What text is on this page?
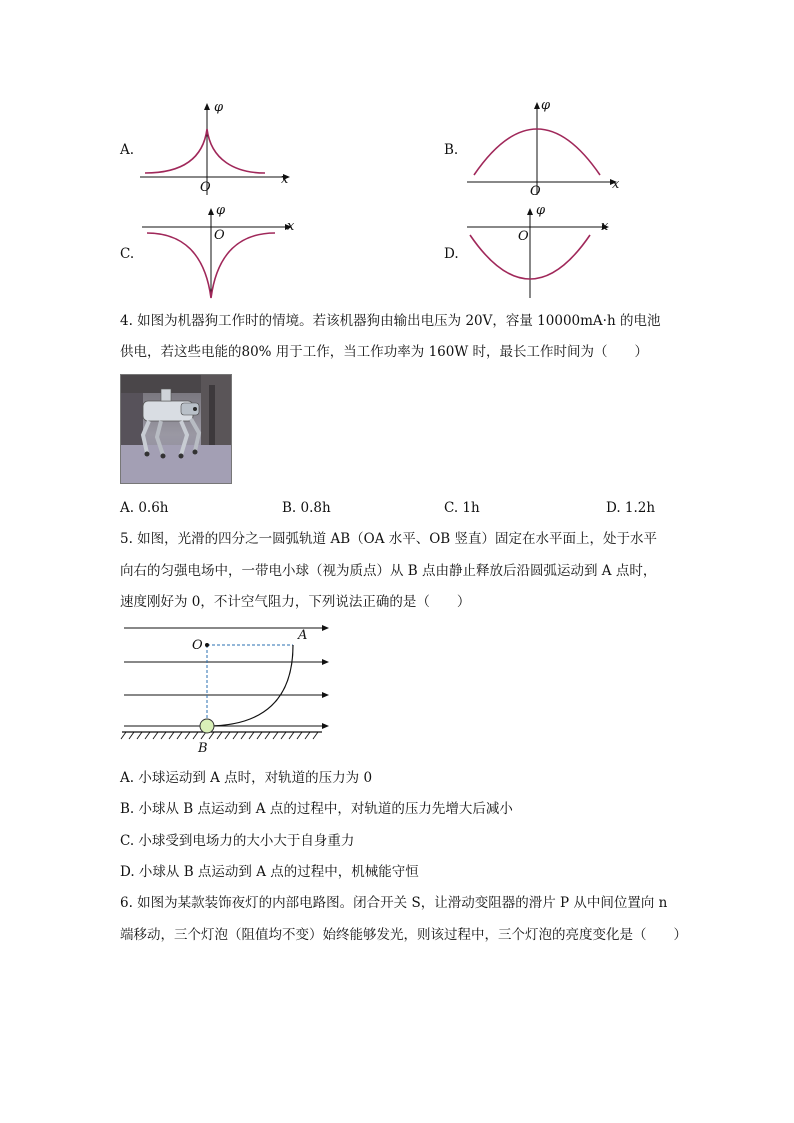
A.
φ
x
O
B.
φ
x
O
C.
φ
x
O
D.
φ
x
O
4. 如图为机器狗工作时的情境。若该机器狗由输出电压为 20V，容量 10000mA·h 的电池
供电，若这些电能的80% 用于工作，当工作功率为 160W 时，最长工作时间为（　　）
A. 0.6h	B. 0.8h	C. 1h	D. 1.2h
5. 如图，光滑的四分之一圆弧轨道 AB（OA 水平、OB 竖直）固定在水平面上，处于水平
向右的匀强电场中，一带电小球（视为质点）从 B 点由静止释放后沿圆弧运动到 A 点时，
速度刚好为 0，不计空气阻力，下列说法正确的是（　　）
O
A
B
A. 小球运动到 A 点时，对轨道的压力为 0
B. 小球从 B 点运动到 A 点的过程中，对轨道的压力先增大后减小
C. 小球受到电场力的大小大于自身重力
D. 小球从 B 点运动到 A 点的过程中，机械能守恒
6. 如图为某款装饰夜灯的内部电路图。闭合开关 S，让滑动变阻器的滑片 P 从中间位置向 n
端移动，三个灯泡（阻值均不变）始终能够发光，则该过程中，三个灯泡的亮度变化是（　　）
